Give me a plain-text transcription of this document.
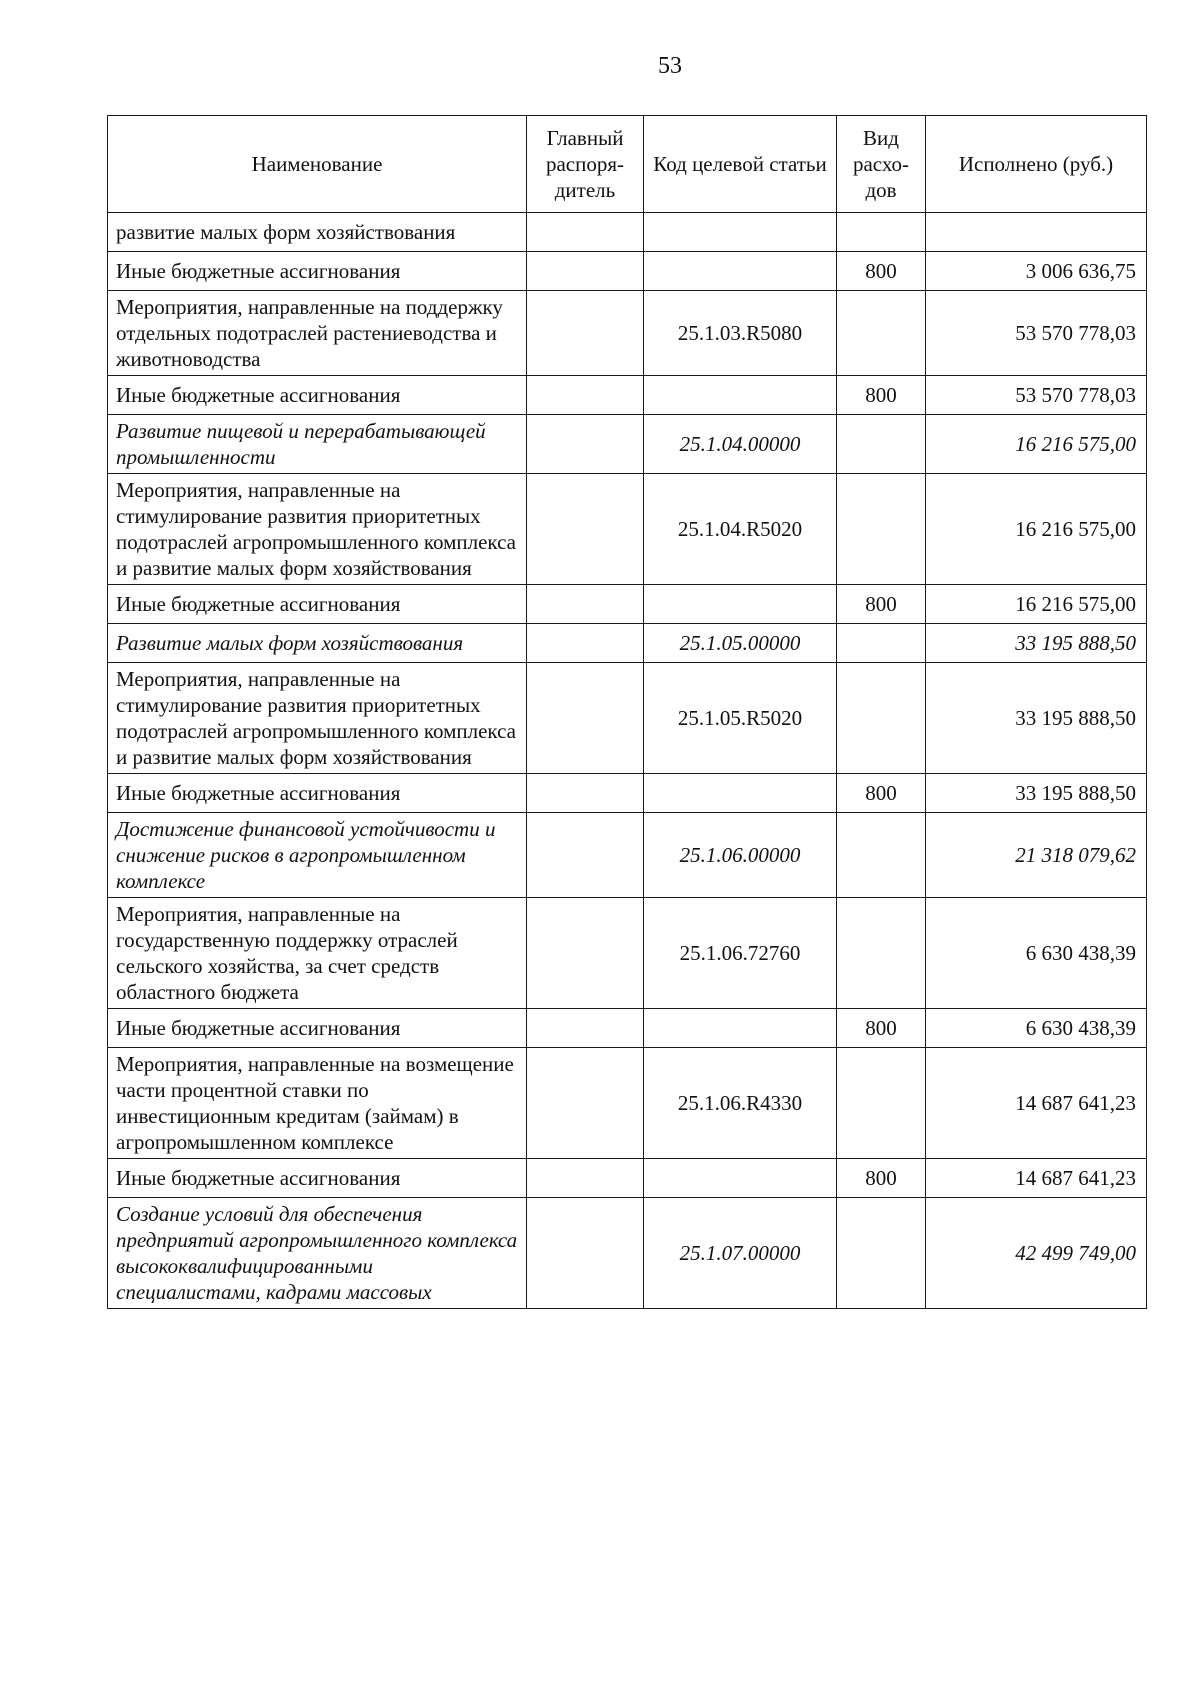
53
Наименование	Главный распоря-дитель	Код целевой статьи	Вид расхо-дов	Исполнено (руб.)
развитие малых форм хозяйствования				
Иные бюджетные ассигнования			800	3 006 636,75
Мероприятия, направленные на поддержку отдельных подотраслей растениеводства и животноводства		25.1.03.R5080		53 570 778,03
Иные бюджетные ассигнования			800	53 570 778,03
Развитие пищевой и перерабатывающей промышленности		25.1.04.00000		16 216 575,00
Мероприятия, направленные на стимулирование развития приоритетных подотраслей агропромышленного комплекса и развитие малых форм хозяйствования		25.1.04.R5020		16 216 575,00
Иные бюджетные ассигнования			800	16 216 575,00
Развитие малых форм хозяйствования		25.1.05.00000		33 195 888,50
Мероприятия, направленные на стимулирование развития приоритетных подотраслей агропромышленного комплекса и развитие малых форм хозяйствования		25.1.05.R5020		33 195 888,50
Иные бюджетные ассигнования			800	33 195 888,50
Достижение финансовой устойчивости и снижение рисков в агропромышленном комплексе		25.1.06.00000		21 318 079,62
Мероприятия, направленные на государственную поддержку отраслей сельского хозяйства, за счет средств областного бюджета		25.1.06.72760		6 630 438,39
Иные бюджетные ассигнования			800	6 630 438,39
Мероприятия, направленные на возмещение части процентной ставки по инвестиционным кредитам (займам) в агропромышленном комплексе		25.1.06.R4330		14 687 641,23
Иные бюджетные ассигнования			800	14 687 641,23
Создание условий для обеспечения предприятий агропромышленного комплекса высококвалифицированными специалистами, кадрами массовых		25.1.07.00000		42 499 749,00
